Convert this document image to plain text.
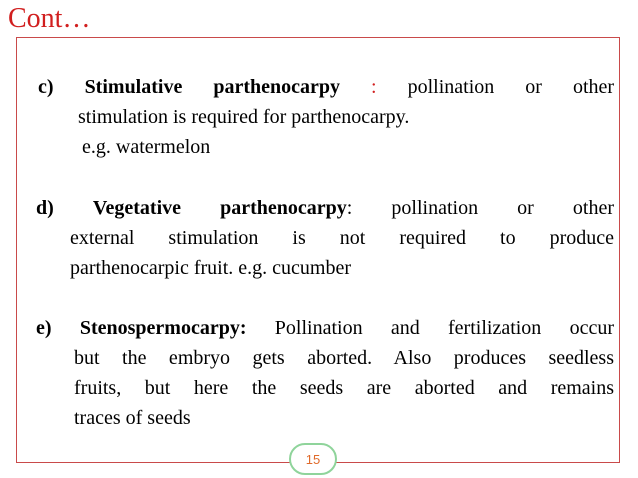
Cont…
c) Stimulative parthenocarpy : pollination or other
stimulation is required for parthenocarpy.
e.g. watermelon
d) Vegetative parthenocarpy: pollination or other
external stimulation is not required to produce
parthenocarpic fruit. e.g. cucumber
e) Stenospermocarpy: Pollination and fertilization occur
but the embryo gets aborted. Also produces seedless
fruits, but here the seeds are aborted and remains
traces of seeds
15
